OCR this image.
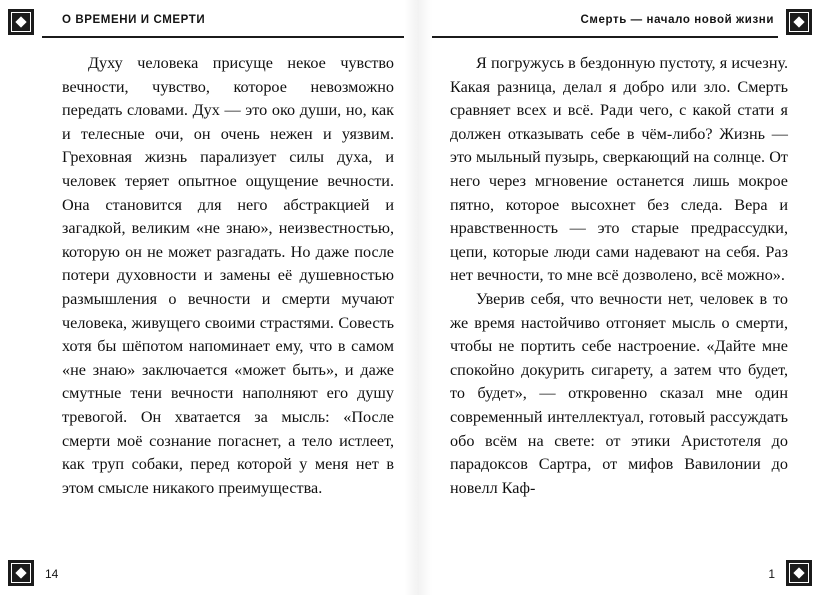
О ВРЕМЕНИ И СМЕРТИ

Духу человека присуще некое чувство вечности, чувство, которое невозможно передать словами. Дух — это око души, но, как и телесные очи, он очень нежен и уязвим. Греховная жизнь парализует силы духа, и человек теряет опытное ощущение вечности. Она становится для него абстракцией и загадкой, великим «не знаю», неизвестностью, которую он не может разгадать. Но даже после потери духовности и замены её душевностью размышления о вечности и смерти мучают человека, живущего своими страстями. Совесть хотя бы шёпотом напоминает ему, что в самом «не знаю» заключается «может быть», и даже смутные тени вечности наполняют его душу тревогой. Он хватается за мысль: «После смерти моё сознание погаснет, а тело истлеет, как труп собаки, перед которой у меня нет в этом смысле никакого преимущества.

14
Смерть — начало новой жизни

Я погружусь в бездонную пустоту, я исчезну. Какая разница, делал я добро или зло. Смерть сравняет всех и всё. Ради чего, с какой стати я должен отказывать себе в чём-либо? Жизнь — это мыльный пузырь, сверкающий на солнце. От него через мгновение останется лишь мокрое пятно, которое высохнет без следа. Вера и нравственность — это старые предрассудки, цепи, которые люди сами надевают на себя. Раз нет вечности, то мне всё дозволено, всё можно».

Уверив себя, что вечности нет, человек в то же время настойчиво отгоняет мысль о смерти, чтобы не портить себе настроение. «Дайте мне спокойно докурить сигарету, а затем что будет, то будет», — откровенно сказал мне один современный интеллектуал, готовый рассуждать обо всём на свете: от этики Аристотеля до парадоксов Сартра, от мифов Вавилонии до новелл Каф-

1
